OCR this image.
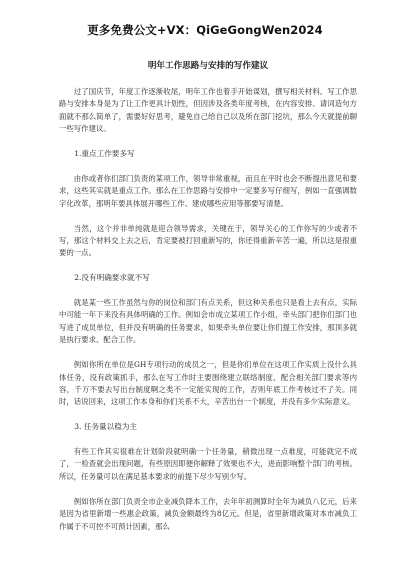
更多免费公文+VX：QiGeGongWen2024
明年工作思路与安排的写作建议
过了国庆节，年度工作逐渐收尾，明年工作也着手开始谋划，撰写相关材料。写工作思路与安排本身是为了让工作更具计划性，但因涉及各类年度考核，在内容安排、请词造句方面就不那么简单了，需要好好思考，避免自己给自己以及所在部门挖坑，那么今天就提前聊一些写作建议。
1.重点工作要多写
由你或者你们部门负责的某项工作，领导非常重视，而且在平时也会不断提出意见和要求，这些其实就是重点工作。那么在工作思路与安排中一定要多写仔细写，例如一直强调数字化改革，那明年要具体展开哪些工作、建成哪些应用等都要写清楚。
当然，这个并非单纯就是迎合领导需求，关键在于，领导关心的工作你写的少或者不写，那这个材料交上去之后，肯定要被打回重新写的，你还得重新辛苦一遍，所以这是很重要的一点。
2.没有明确要求就不写
就是某一些工作虽然与你的岗位和部门有点关系，但这种关系也只是看上去有点，实际中可能一年下来没有具体明确的工作。例如会市成立某项工作小组，牵头部门把你们部门也写进了成员单位，但并没有明确的任务要求，如果牵头单位要让你们提工作安排，那顶多就是执行要求、配合工作。
例如你所在单位是GH专项行动的成员之一，但是你们单位在这项工作实质上没什么具体任务，没有政策抓手，那么在写工作时主要围绕建立联络制度、配合相关部门要求等内容，千万不要去写出台制度啊之类不一定能实现的工作，否则年底工作考核过不了关。同时，话说回来，这项工作本身和你们关系不大，辛苦出台一个制度，并没有多少实际意义。
3. 任务量以稳为主
有些工作其实很难在计划阶段就明确一个任务量，稍微出现一点难度，可能就完不成了，一检查就会出现问题，有些原因即便你解释了效果也不大，进而影响整个部门的考核。所以，任务量可以在满足基本要求的前提下尽少写别少写。
例如你所在部门负责全市企业减负降本工作，去年年初测算时全年为减负八亿元，后来是因为省里新增一些惠企政策，减负金额最终为8亿元。但是，省里新增政策对本市减负工作属于不可控不可预计因素，那么
